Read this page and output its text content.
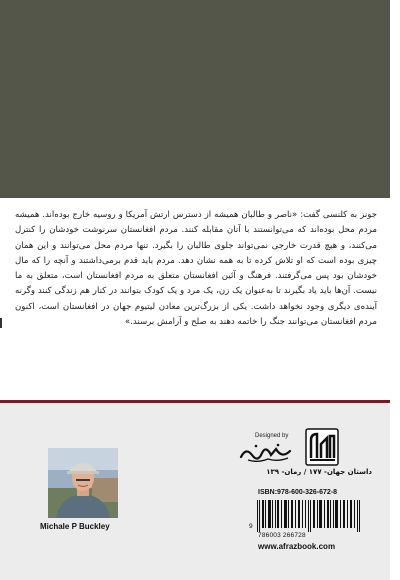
جونز به کلنسی گفت: «ناصر و طالبان همیشه از دسترس ارتش آمریکا و روسیه خارج بوده‌اند. همیشه مردم محل بوده‌اند که می‌توانستند با آنان مقابله کنند. مردم افغانستان سرنوشت خودشان را کنترل می‌کنند، و هیچ قدرت خارجی نمی‌تواند جلوی طالبان را بگیرد. تنها مردم محل می‌توانند و این همان چیزی بوده است که او تلاش کرده تا به همه نشان دهد. مردم باید قدم برمی‌داشتند و آنچه را که مال خودشان بود پس می‌گرفتند. فرهنگ و آئین افغانستان متعلق به مردم افغانستان است، متعلق به ما نیست. آن‌ها باید یاد بگیرند تا به‌عنوان یک زن، یک مرد و یک کودک بتوانند در کنار هم زندگی کنند وگرنه آینده‌ی دیگری وجود نخواهد داشت. یکی از بزرگ‌ترین معادن لیتیوم جهان در افغانستان است، اکنون مردم افغانستان می‌توانند جنگ را خاتمه دهند به صلح و آرامش برسند.»

Michale P Buckley
Designed by
داستان جهان- ۱۷۷ / رمان- ۱۳۹
ISBN:978-600-326-672-8
9
786003 266728
www.afrazbook.com
